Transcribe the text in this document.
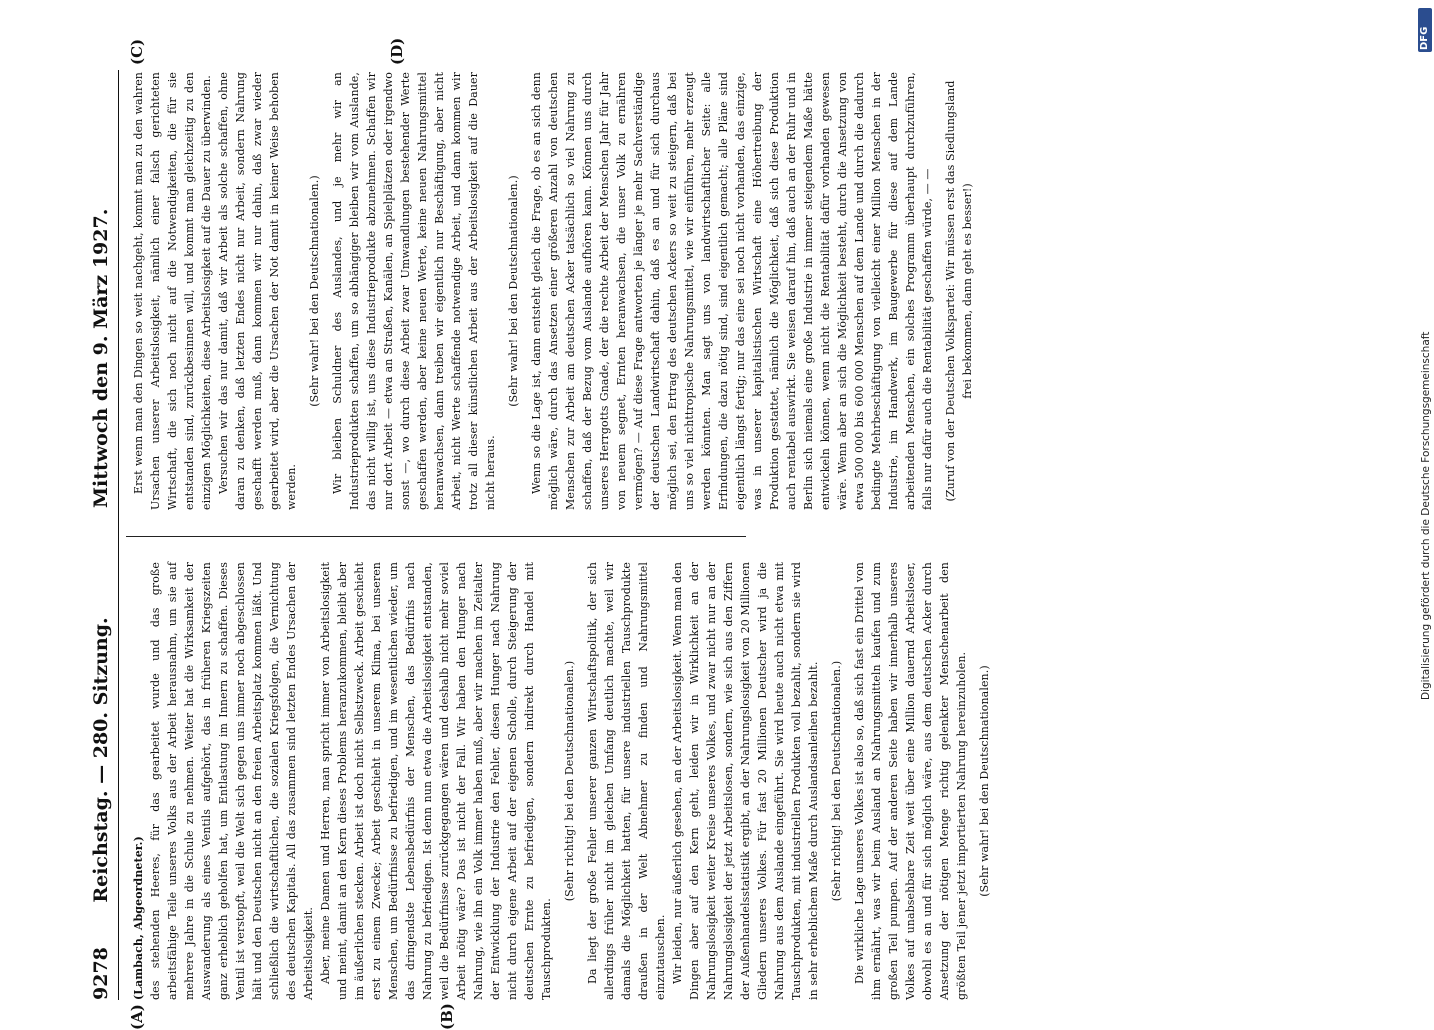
9278
Reichstag. — 280. Sitzung.
Mittwoch den 9. März 1927.

(Lambach, Abgeordneter.) des stehenden Heeres, für das gearbeitet wurde und das große arbeitsfähige Teile unseres Volks aus der Arbeit herausnahm, um sie auf mehrere Jahre in die Schule zu nehmen. Weiter hat die Wirksamkeit der Auswanderung als eines Ventils aufgehört, das in früheren Kriegszeiten ganz erheblich geholfen hat, um Entlastung im Innern zu schaffen. Dieses Ventil ist verstopft, weil die Welt sich gegen uns immer noch abgeschlossen hält und den Deutschen nicht an den freien Arbeitsplatz kommen läßt. Und schließlich die wirtschaftlichen, die sozialen Kriegsfolgen, die Vernichtung des deutschen Kapitals. All das zusammen sind letzten Endes Ursachen der Arbeitslosigkeit. Aber, meine Damen und Herren, man spricht immer von Arbeitslosigkeit und meint, damit an den Kern dieses Problems heranzukommen, bleibt aber im äußerlichen stecken. Arbeit ist doch nicht Selbstzweck. Arbeit geschieht erst zu einem Zwecke; Arbeit geschieht in unserem Klima, bei unseren Menschen, um Bedürfnisse zu befriedigen, und im wesentlichen wieder, um das dringendste Lebensbedürfnis der Menschen, das Bedürfnis nach Nahrung zu befriedigen. Ist denn nun etwa die Arbeitslosigkeit entstanden, weil die Bedürfnisse zurückgegangen wären und deshalb nicht mehr soviel Arbeit nötig wäre? Das ist nicht der Fall. Wir haben den Hunger nach Nahrung, wie ihn ein Volk immer haben muß, aber wir machen im Zeitalter der Entwicklung der Industrie den Fehler, diesen Hunger nach Nahrung nicht durch eigene Arbeit auf der eigenen Scholle, durch Steigerung der deutschen Ernte zu befriedigen, sondern indirekt durch Handel mit Tauschprodukten.

(Sehr richtig! bei den Deutschnationalen.) Da liegt der große Fehler unserer ganzen Wirtschaftspolitik, der sich allerdings früher nicht im gleichen Umfang deutlich machte, weil wir damals die Möglichkeit hatten, für unsere industriellen Tauschprodukte draußen in der Welt Abnehmer zu finden und Nahrungsmittel einzutauschen. Wir leiden, nur äußerlich gesehen, an der Arbeitslosigkeit. Wenn man den Dingen aber auf den Kern geht, leiden wir in Wirklichkeit an der Nahrungslosigkeit weiter Kreise unseres Volkes, und zwar nicht nur an der Nahrungslosigkeit der jetzt Arbeitslosen, sondern, wie sich aus den Ziffern der Außenhandelsstatistik ergibt, an der Nahrungslosigkeit von 20 Millionen Gliedern unseres Volkes. Für fast 20 Millionen Deutscher wird ja die Nahrung aus dem Auslande eingeführt. Sie wird heute auch nicht etwa mit Tauschprodukten, mit industriellen Produkten voll bezahlt, sondern sie wird in sehr erheblichem Maße durch Auslandsanleihen bezahlt. (Sehr richtig! bei den Deutschnationalen.) Die wirkliche Lage unseres Volkes ist also so, daß sich fast ein Drittel von ihm ernährt, was wir beim Ausland an Nahrungsmitteln kaufen und zum großen Teil pumpen. Auf der anderen Seite haben wir innerhalb unseres Volkes auf unabsehbare Zeit weit über eine Million dauernd Arbeitsloser, obwohl es an und für sich möglich wäre, aus dem deutschen Acker durch Ansetzung der nötigen Menge richtig gelenkter Menschenarbeit den größten Teil jener jetzt importierten Nahrung hereinzuholen. (Sehr wahr! bei den Deutschnationalen.)

Erst wenn man den Dingen so weit nachgeht, kommt man zu den wahren Ursachen unserer Arbeitslosigkeit, nämlich einer falsch gerichteten Wirtschaft, die sich noch nicht auf die Notwendigkeiten, die für sie entstanden sind, zurückbesinnen will, und kommt man gleichzeitig zu den einzigen Möglichkeiten, diese Arbeitslosigkeit auf die Dauer zu überwinden. Versuchen wir das nur damit, daß wir Arbeit als solche schaffen, ohne daran zu denken, daß letzten Endes nicht nur Arbeit, sondern Nahrung geschafft werden muß, dann kommen wir nur dahin, daß zwar wieder gearbeitet wird, aber die Ursachen der Not damit in keiner Weise behoben werden.

(Sehr wahr! bei den Deutschnationalen.) Wir bleiben Schuldner des Auslandes, und je mehr wir an Industrieprodukten schaffen, um so abhängiger bleiben wir vom Auslande, das nicht willig ist, uns diese Industrieprodukte abzunehmen. Schaffen wir nur dort Arbeit — etwa an Straßen, Kanälen, an Spielplätzen oder irgendwo sonst —, wo durch diese Arbeit zwar Umwandlungen bestehender Werte geschaffen werden, aber keine neuen Werte, keine neuen Nahrungsmittel heranwachsen, dann treiben wir eigentlich nur Beschäftigung, aber nicht Arbeit, nicht Werte schaffende notwendige Arbeit, und dann kommen wir trotz all dieser künstlichen Arbeit aus der Arbeitslosigkeit auf die Dauer nicht heraus.

(Sehr wahr! bei den Deutschnationalen.) Wenn so die Lage ist, dann entsteht gleich die Frage, ob es an sich denn möglich wäre, durch das Ansetzen einer größeren Anzahl von deutschen Menschen zur Arbeit am deutschen Acker tatsächlich so viel Nahrung zu schaffen, daß der Bezug vom Auslande aufhören kann. Können uns durch unseres Herrgotts Gnade, der die rechte Arbeit der Menschen Jahr für Jahr von neuem segnet, Ernten heranwachsen, die unser Volk zu ernähren vermögen? — Auf diese Frage antworten je länger je mehr Sachverständige der deutschen Landwirtschaft dahin, daß es an und für sich durchaus möglich sei, den Ertrag des deutschen Ackers so weit zu steigern, daß bei uns so viel nichttropische Nahrungsmittel, wie wir einführen, mehr erzeugt werden könnten. Man sagt uns von landwirtschaftlicher Seite: alle Erfindungen, die dazu nötig sind, sind eigentlich gemacht; alle Pläne sind eigentlich längst fertig; nur das eine sei noch nicht vorhanden, das einzige, was in unserer kapitalistischen Wirtschaft eine Höhertreibung der Produktion gestattet, nämlich die Möglichkeit, daß sich diese Produktion auch rentabel auswirkt. Sie weisen darauf hin, daß auch an der Ruhr und in Berlin sich niemals eine große Industrie in immer steigendem Maße hätte entwickeln können, wenn nicht die Rentabilität dafür vorhanden gewesen wäre. Wenn aber an sich die Möglichkeit besteht, durch die Ansetzung von etwa 500 000 bis 600 000 Menschen auf dem Lande und durch die dadurch bedingte Mehrbeschäftigung von vielleicht einer Million Menschen in der Industrie, im Handwerk, im Baugewerbe für diese auf dem Lande arbeitenden Menschen, ein solches Programm überhaupt durchzuführen, falls nur dafür auch die Rentabilität geschaffen würde, — — (Zuruf von der Deutschen Volkspartei: Wir müssen erst das Siedlungsland frei bekommen, dann geht es besser!)

(A)	(B)
(C)	(D)	DFG
Digitalisierung gefördert durch die Deutsche Forschungsgemeinschaft
